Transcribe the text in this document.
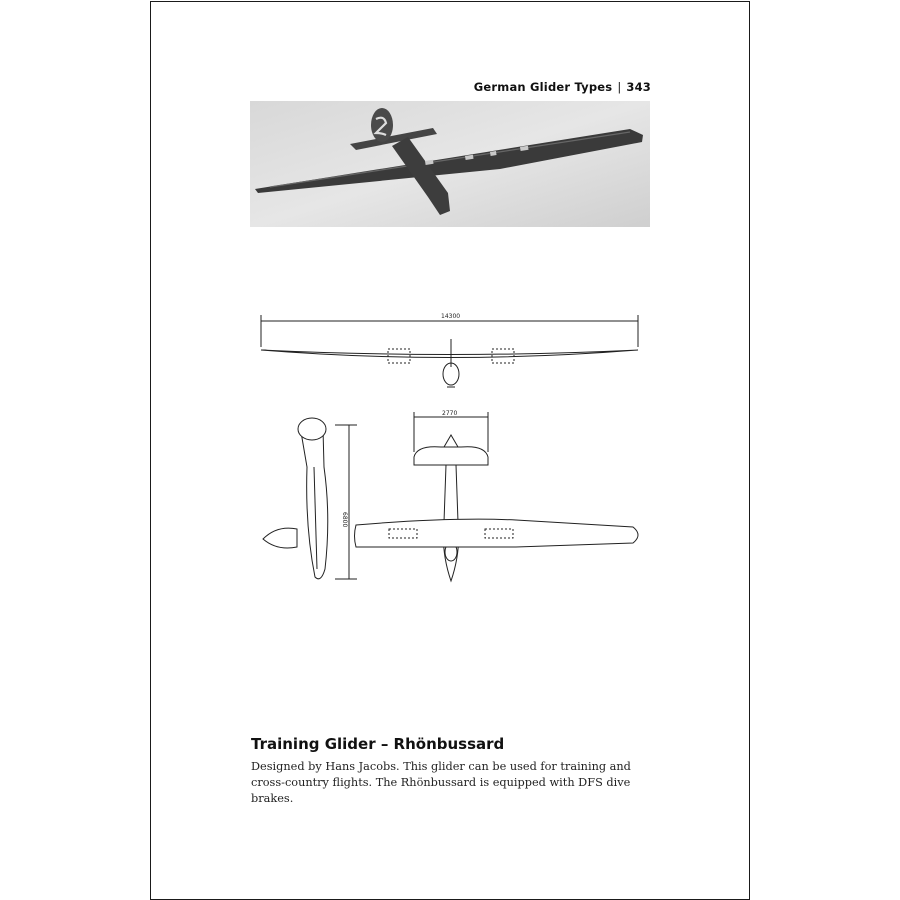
German Glider Types | 343
14300
2770
6800
Training Glider – Rhönbussard
Designed by Hans Jacobs. This glider can be used for training and cross-country flights. The Rhönbussard is equipped with DFS dive brakes.
